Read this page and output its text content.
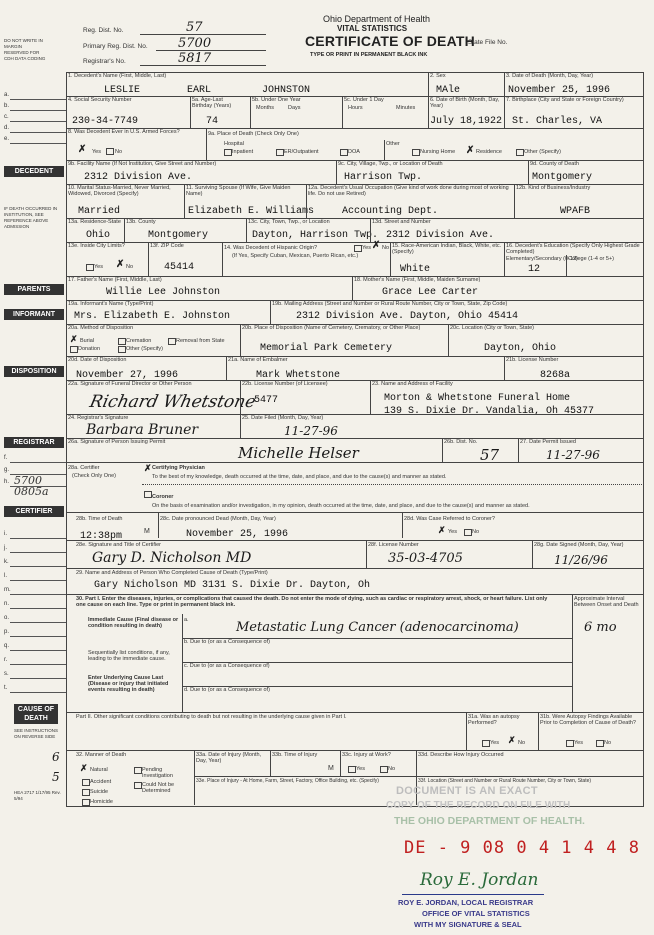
DO NOT WRITE IN MARGIN RESERVED FOR CDH DATA CODING
Reg. Dist. No.	57
Primary Reg. Dist. No. 5700
Registrar's No.	5817
Ohio Department of Health
VITAL STATISTICS
CERTIFICATE OF DEATH
TYPE OR PRINT IN PERMANENT BLACK INK
State File No.
a.
b.
c.
d.
e.
DECEDENT
IF DEATH OCCURRED IN INSTITUTION, SEE REFERENCE ABOVE ADMISSION
PARENTS
INFORMANT
DISPOSITION
REGISTRAR
f.
g.
h. 5700
0805a
CERTIFIER
i.
j.
k.
l.
m.
n.
o.
p.
q.
r.
s.
t.
CAUSE OF DEATH
SEE INSTRUCTIONS ON REVERSE SIDE
6
5
HEA 2717 1/17/95 Rev. 5/94
1. Decedent's Name (First, Middle, Last)
LESLIE	EARL	JOHNSTON
2. Sex
MAle
3. Date of Death (Month, Day, Year)
November 25, 1996
4. Social Security Number
230-34-7749
5a. Age-Last Birthday (Years)
74
5b. Under One Year
Months	Days
5c. Under 1 Day
Hours	Minutes
6. Date of Birth (Month, Day, Year)
July 18,1922
7. Birthplace (City and State or Foreign Country)
St. Charles, VA
8. Was Decedent Ever in U.S. Armed Forces?
Yes
✗	No
9a. Place of Death (Check Only One)
Hospital
Inpatient	ER/Outpatient	DOA
Other
Nursing Home ✗ Residence	Other (Specify)
9b. Facility Name (If Not Institution, Give Street and Number)
2312 Division Ave.
9c. City, Village, Twp., or Location of Death
Harrison Twp.
9d. County of Death
Montgomery
10. Marital Status-Married, Never Married, Widowed, Divorced (Specify)
Married
11. Surviving Spouse (If Wife, Give Maiden Name)
Elizabeth E. Williams
12a. Decedent's Usual Occupation (Give kind of work done during most of working life. Do not use Retired)
Accounting Dept.
12b. Kind of Business/Industry
WPAFB
13a. Residence-State
Ohio
13b. County
Montgomery
13c. City, Town, Twp., or Location
Dayton, Harrison Twp.
13d. Street and Number
2312 Division Ave.
13e. Inside City Limits?
Yes ✗ No
13f. ZIP Code
45414
14. Was Decedent of Hispanic Origin?
(If Yes, Specify Cuban, Mexican, Puerto Rican, etc.)
Yes ✗ No 15. Race-American Indian, Black, White, etc. (Specify)
White
16. Decedent's Education (Specify Only Highest Grade Completed)
Elementary/Secondary (0-12)
College (1-4 or 5+)
12
17. Father's Name (First, Middle, Last)
Willie Lee Johnston
18. Mother's Name (First, Middle, Maiden Surname)
Grace Lee Carter
19a. Informant's Name (Type/Print)
Mrs. Elizabeth E. Johnston
19b. Mailing Address (Street and Number or Rural Route Number, City or Town, State, Zip Code)
2312 Division Ave. Dayton, Ohio 45414
20a. Method of Disposition
✗ Burial	Cremation	Removal from State
Donation	Other (Specify)
20b. Place of Disposition (Name of Cemetery, Crematory, or Other Place)
Memorial Park Cemetery
20c. Location (City or Town, State)
Dayton, Ohio
20d. Date of Disposition
November 27, 1996
21a. Name of Embalmer
Mark Whetstone
21b. License Number
8268a
22a. Signature of Funeral Director or Other Person
Richard Whetstone
22b. License Number (of Licensee)
5477
23. Name and Address of Facility
Morton & Whetstone Funeral Home
139 S. Dixie Dr. Vandalia, Oh 45377
24. Registrar's Signature
Barbara Bruner
25. Date Filed (Month, Day, Year)
11-27-96
26a. Signature of Person Issuing Permit
Michelle Helser
26b. Dist. No.
57
27. Date Permit Issued
11-27-96
28a. Certifier
(Check Only One)
✗ Certifying Physician
To the best of my knowledge, death occurred at the time, date, and place, and due to the cause(s) and manner as stated.
Coroner
On the basis of examination and/or investigation, in my opinion, death occurred at the time, date, and place, and due to the cause(s) and manner as stated.
28b. Time of Death
12:38pm	M
28c. Date pronounced Dead (Month, Day, Year)
November 25, 1996
28d. Was Case Referred to Coroner?
✗ Yes	No
28e. Signature and Title of Certifier
Gary D. Nicholson MD
28f. License Number
35-03-4705
28g. Date Signed (Month, Day, Year)
11/26/96
29. Name and Address of Person Who Completed Cause of Death (Type/Print)
Gary Nicholson MD 3131 S. Dixie Dr. Dayton, Oh
30. Part I. Enter the diseases, injuries, or complications that caused the death. Do not enter the mode of dying, such as cardiac or respiratory arrest, shock, or heart failure. List only one cause on each line. Type or print in permanent black ink.
Approximate Interval Between Onset and Death
Immediate Cause (Final disease or condition resulting in death)
a.	Metastatic Lung Cancer (adenocarcinoma)	6 mo
b. Due to (or as a Consequence of)
Sequentially list conditions, if any, leading to the immediate cause.
c. Due to (or as a Consequence of)
Enter Underlying Cause Last (Disease or injury that initiated events resulting in death)	d. Due to (or as a Consequence of)
Part II. Other significant conditions contributing to death but not resulting in the underlying cause given in Part I.	31a. Was an autopsy Performed?
Yes ✗ No
31b. Were Autopsy Findings Available Prior to Completion of Cause of Death?
Yes	No
32. Manner of Death
✗ Natural	Pending Investigation
Accident	Could Not be Determined
Suicide
Homicide
33a. Date of Injury (Month, Day, Year)
33b. Time of Injury
M
33c. Injury at Work?
Yes	No
33d. Describe How Injury Occurred
33e. Place of Injury - At Home, Farm, Street, Factory, Office Building, etc. (Specify)	33f. Location (Street and Number or Rural Route Number, City or Town, State)
DOCUMENT IS AN EXACT
COPY OF THE RECORD ON FILE WITH
THE OHIO DEPARTMENT OF HEALTH.
DE - 9 08 0 4 1 4 4 8
Roy E. Jordan
ROY E. JORDAN, LOCAL REGISTRAR
OFFICE OF VITAL STATISTICS
WITH MY SIGNATURE & SEAL
